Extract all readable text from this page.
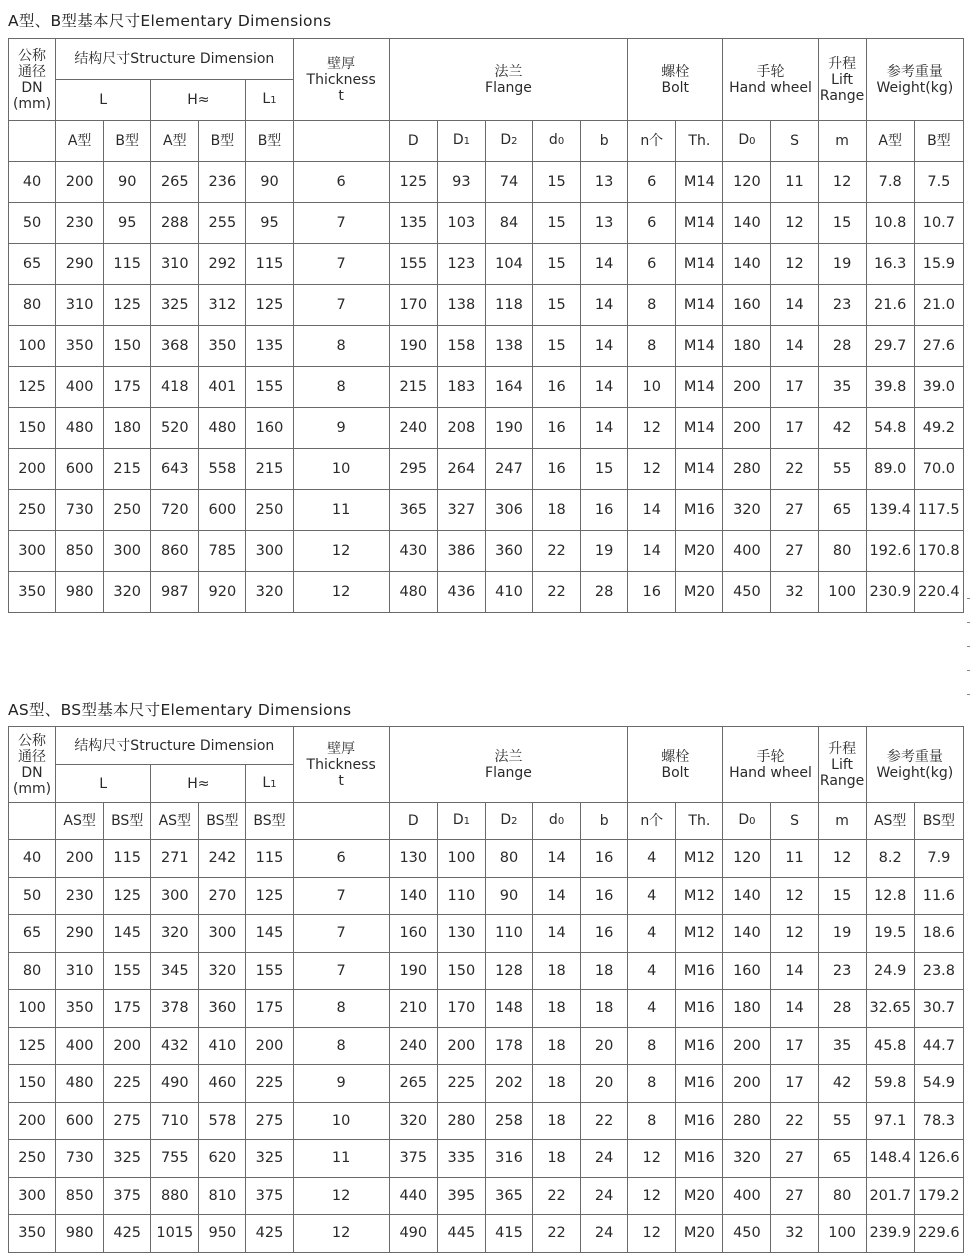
A型、B型基本尺寸Elementary Dimensions
公称
通径
DN
(mm)	结构尺寸Structure Dimension					壁厚
Thickness
t	法兰
Flange					螺栓
Bolt		手轮
Hand wheel		升程
Lift
Range	参考重量
Weight(kg)	
	L		H≈		L1													
	A型	B型	A型	B型	B型		D	D1	D2	d0	b	n个	Th.	D0	S	m	A型	B型
40	200	90	265	236	90	6	125	93	74	15	13	6	M14	120	11	12	7.8	7.5
50	230	95	288	255	95	7	135	103	84	15	13	6	M14	140	12	15	10.8	10.7
65	290	115	310	292	115	7	155	123	104	15	14	6	M14	140	12	19	16.3	15.9
80	310	125	325	312	125	7	170	138	118	15	14	8	M14	160	14	23	21.6	21.0
100	350	150	368	350	135	8	190	158	138	15	14	8	M14	180	14	28	29.7	27.6
125	400	175	418	401	155	8	215	183	164	16	14	10	M14	200	17	35	39.8	39.0
150	480	180	520	480	160	9	240	208	190	16	14	12	M14	200	17	42	54.8	49.2
200	600	215	643	558	215	10	295	264	247	16	15	12	M14	280	22	55	89.0	70.0
250	730	250	720	600	250	11	365	327	306	18	16	14	M16	320	27	65	139.4	117.5
300	850	300	860	785	300	12	430	386	360	22	19	14	M20	400	27	80	192.6	170.8
350	980	320	987	920	320	12	480	436	410	22	28	16	M20	450	32	100	230.9	220.4
AS型、BS型基本尺寸Elementary Dimensions
公称
通径
DN
(mm)	结构尺寸Structure Dimension					壁厚
Thickness
t	法兰
Flange					螺栓
Bolt		手轮
Hand wheel		升程
Lift
Range	参考重量
Weight(kg)	
	L		H≈		L1													
	AS型	BS型	AS型	BS型	BS型		D	D1	D2	d0	b	n个	Th.	D0	S	m	AS型	BS型
40	200	115	271	242	115	6	130	100	80	14	16	4	M12	120	11	12	8.2	7.9
50	230	125	300	270	125	7	140	110	90	14	16	4	M12	140	12	15	12.8	11.6
65	290	145	320	300	145	7	160	130	110	14	16	4	M12	140	12	19	19.5	18.6
80	310	155	345	320	155	7	190	150	128	18	18	4	M16	160	14	23	24.9	23.8
100	350	175	378	360	175	8	210	170	148	18	18	4	M16	180	14	28	32.65	30.7
125	400	200	432	410	200	8	240	200	178	18	20	8	M16	200	17	35	45.8	44.7
150	480	225	490	460	225	9	265	225	202	18	20	8	M16	200	17	42	59.8	54.9
200	600	275	710	578	275	10	320	280	258	18	22	8	M16	280	22	55	97.1	78.3
250	730	325	755	620	325	11	375	335	316	18	24	12	M16	320	27	65	148.4	126.6
300	850	375	880	810	375	12	440	395	365	22	24	12	M20	400	27	80	201.7	179.2
350	980	425	1015	950	425	12	490	445	415	22	24	12	M20	450	32	100	239.9	229.6
